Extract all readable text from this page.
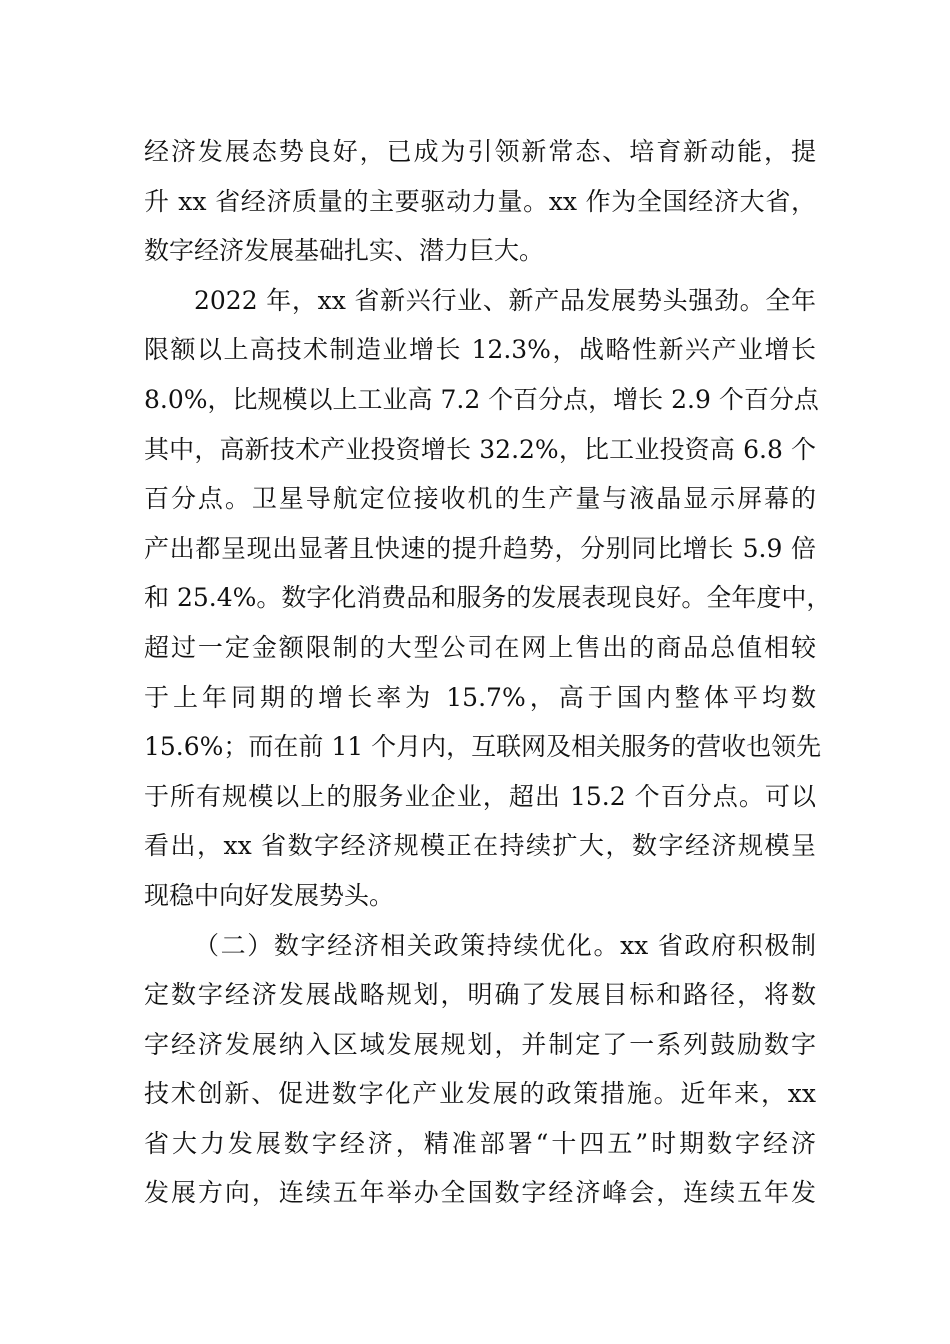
经济发展态势良好，已成为引领新常态、培育新动能，提
升 xx 省经济质量的主要驱动力量。xx 作为全国经济大省，
数字经济发展基础扎实、潜力巨大。
2022 年，xx 省新兴行业、新产品发展势头强劲。全年
限额以上高技术制造业增长 12.3%，战略性新兴产业增长
8.0%，比规模以上工业高 7.2 个百分点，增长 2.9 个百分点
其中，高新技术产业投资增长 32.2%，比工业投资高 6.8 个
百分点。卫星导航定位接收机的生产量与液晶显示屏幕的
产出都呈现出显著且快速的提升趋势，分别同比增长 5.9 倍
和 25.4%。数字化消费品和服务的发展表现良好。全年度中，
超过一定金额限制的大型公司在网上售出的商品总值相较
于上年同期的增长率为 15.7%，高于国内整体平均数
15.6%；而在前 11 个月内，互联网及相关服务的营收也领先
于所有规模以上的服务业企业，超出 15.2 个百分点。可以
看出，xx 省数字经济规模正在持续扩大，数字经济规模呈
现稳中向好发展势头。
（二）数字经济相关政策持续优化。xx 省政府积极制
定数字经济发展战略规划，明确了发展目标和路径，将数
字经济发展纳入区域发展规划，并制定了一系列鼓励数字
技术创新、促进数字化产业发展的政策措施。近年来，xx
省大力发展数字经济，精准部署“十四五”时期数字经济
发展方向，连续五年举办全国数字经济峰会，连续五年发
